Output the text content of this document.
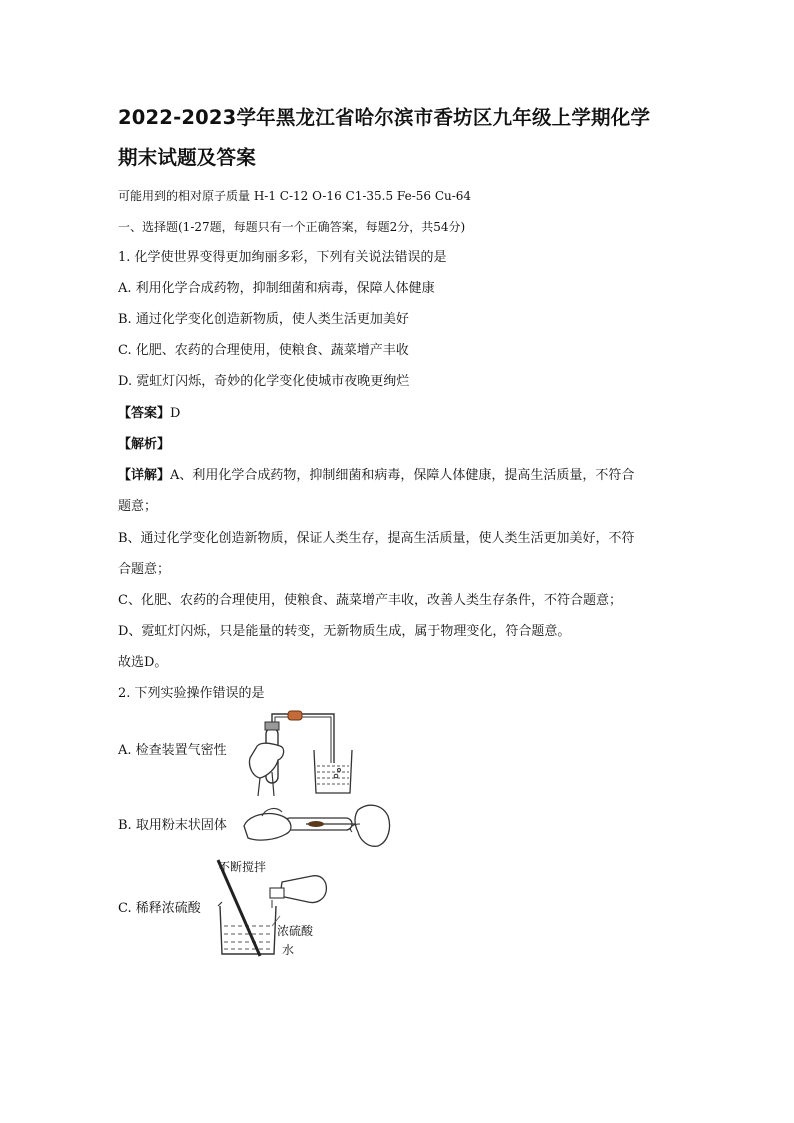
2022-2023学年黑龙江省哈尔滨市香坊区九年级上学期化学
期末试题及答案
可能用到的相对原子质量 H-1 C-12 O-16 C1-35.5 Fe-56 Cu-64
一、选择题(1-27题，每题只有一个正确答案，每题2分，共54分)
1. 化学使世界变得更加绚丽多彩，下列有关说法错误的是
A. 利用化学合成药物，抑制细菌和病毒，保障人体健康
B. 通过化学变化创造新物质，使人类生活更加美好
C. 化肥、农药的合理使用，使粮食、蔬菜增产丰收
D. 霓虹灯闪烁，奇妙的化学变化使城市夜晚更绚烂
【答案】D
【解析】
【详解】A、利用化学合成药物，抑制细菌和病毒，保障人体健康，提高生活质量，不符合
题意；
B、通过化学变化创造新物质，保证人类生存，提高生活质量，使人类生活更加美好，不符
合题意；
C、化肥、农药的合理使用，使粮食、蔬菜增产丰收，改善人类生存条件，不符合题意；
D、霓虹灯闪烁，只是能量的转变，无新物质生成，属于物理变化，符合题意。
故选D。
2. 下列实验操作错误的是
A. 检查装置气密性
B. 取用粉末状固体
C. 稀释浓硫酸
不断搅拌
浓硫酸
水
